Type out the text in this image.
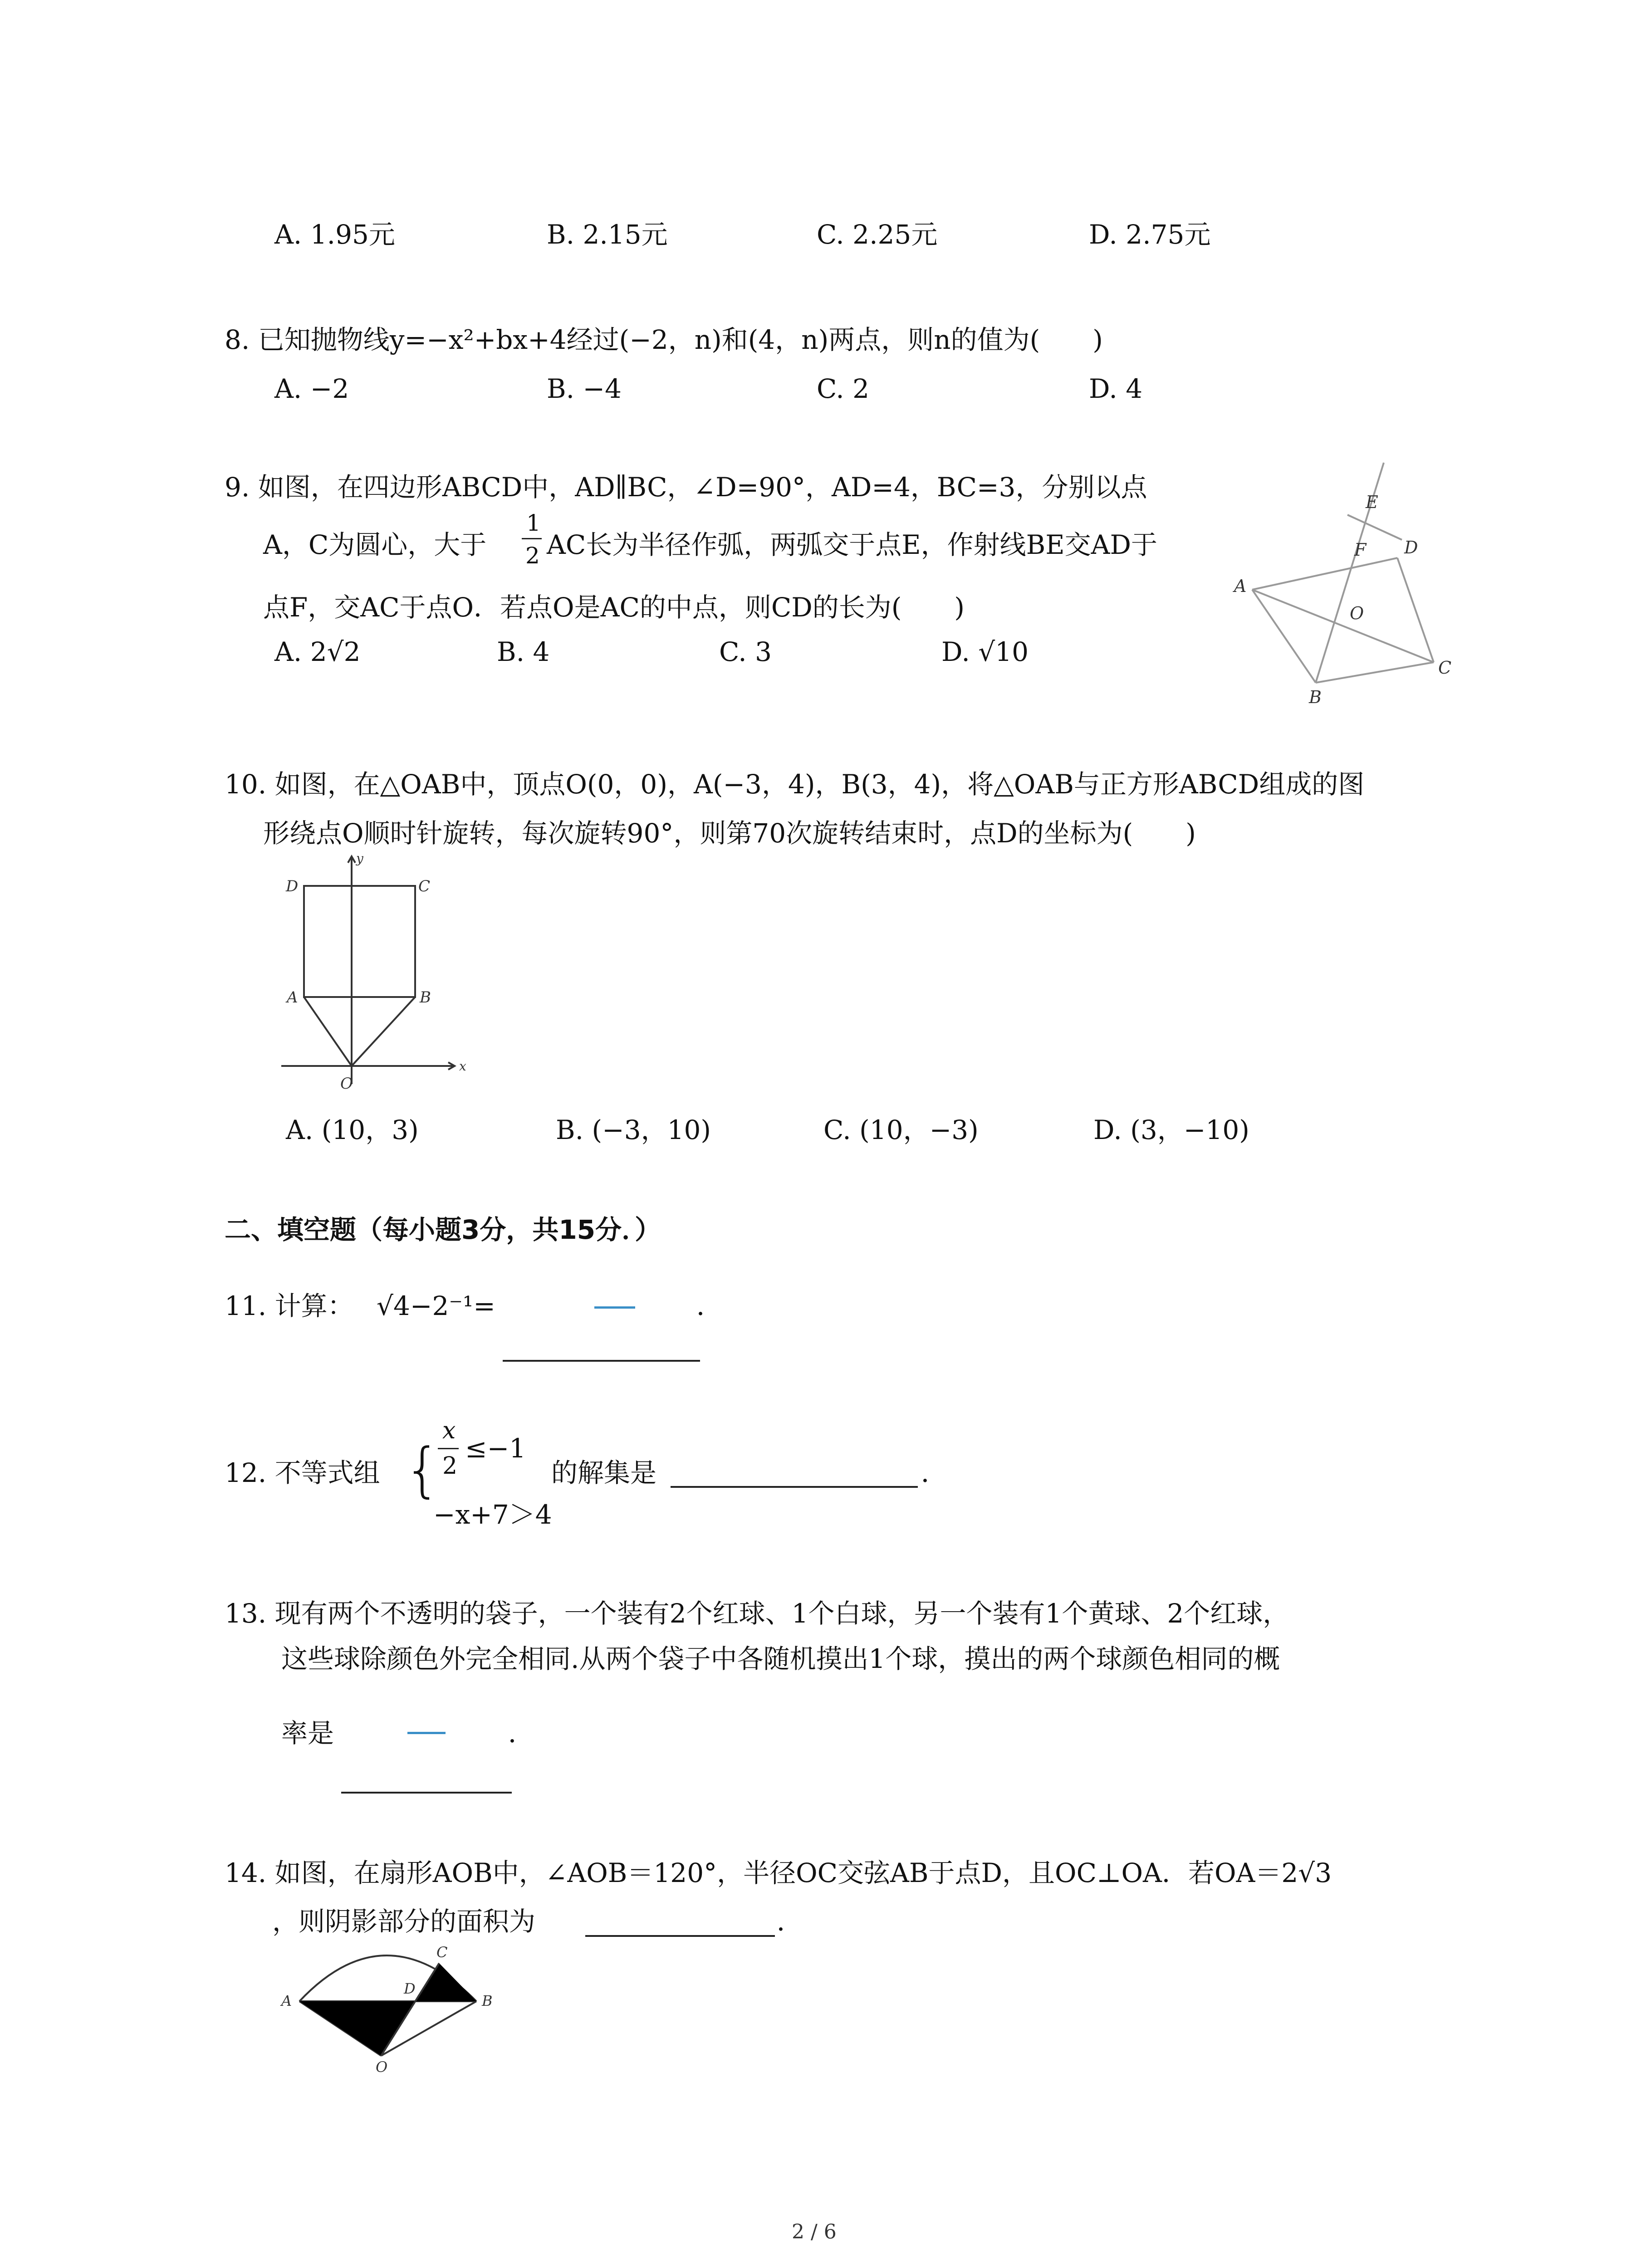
A. 1.95元	B. 2.15元	C. 2.25元	D. 2.75元
8. 已知抛物线y=−x²+bx+4经过(−2，n)和(4，n)两点，则n的值为(　　)
A. −2	B. −4	C. 2	D. 4
9. 如图，在四边形ABCD中，AD∥BC，∠D=90°，AD=4，BC=3，分别以点
A，C为圆心，大于
1
2 AC长为半径作弧，两弧交于点E，作射线BE交AD于
点F，交AC于点O．若点O是AC的中点，则CD的长为(　　)
A. 2√2	B. 4	C. 3	D. √10
A
B
C
D
E
F
O
10. 如图，在△OAB中，顶点O(0，0)，A(−3，4)，B(3，4)，将△OAB与正方形ABCD组成的图
形绕点O顺时针旋转，每次旋转90°，则第70次旋转结束时，点D的坐标为(　　)
D	C
A	B
O
x
y
A. (10，3)	B. (−3，10)	C. (10，−3)	D. (3，−10)
二、填空题（每小题3分，共15分．）
11. 计算： √4−2⁻¹=	．
12. 不等式组 {
x
2
≤−1
−x+7＞4
的解集是	．
13. 现有两个不透明的袋子，一个装有2个红球、1个白球，另一个装有1个黄球、2个红球，
这些球除颜色外完全相同.从两个袋子中各随机摸出1个球，摸出的两个球颜色相同的概
率是	．
14. 如图，在扇形AOB中，∠AOB＝120°，半径OC交弦AB于点D，且OC⊥OA．若OA＝2√3
，则阴影部分的面积为	．
A	B
C
D
O
2 / 6
